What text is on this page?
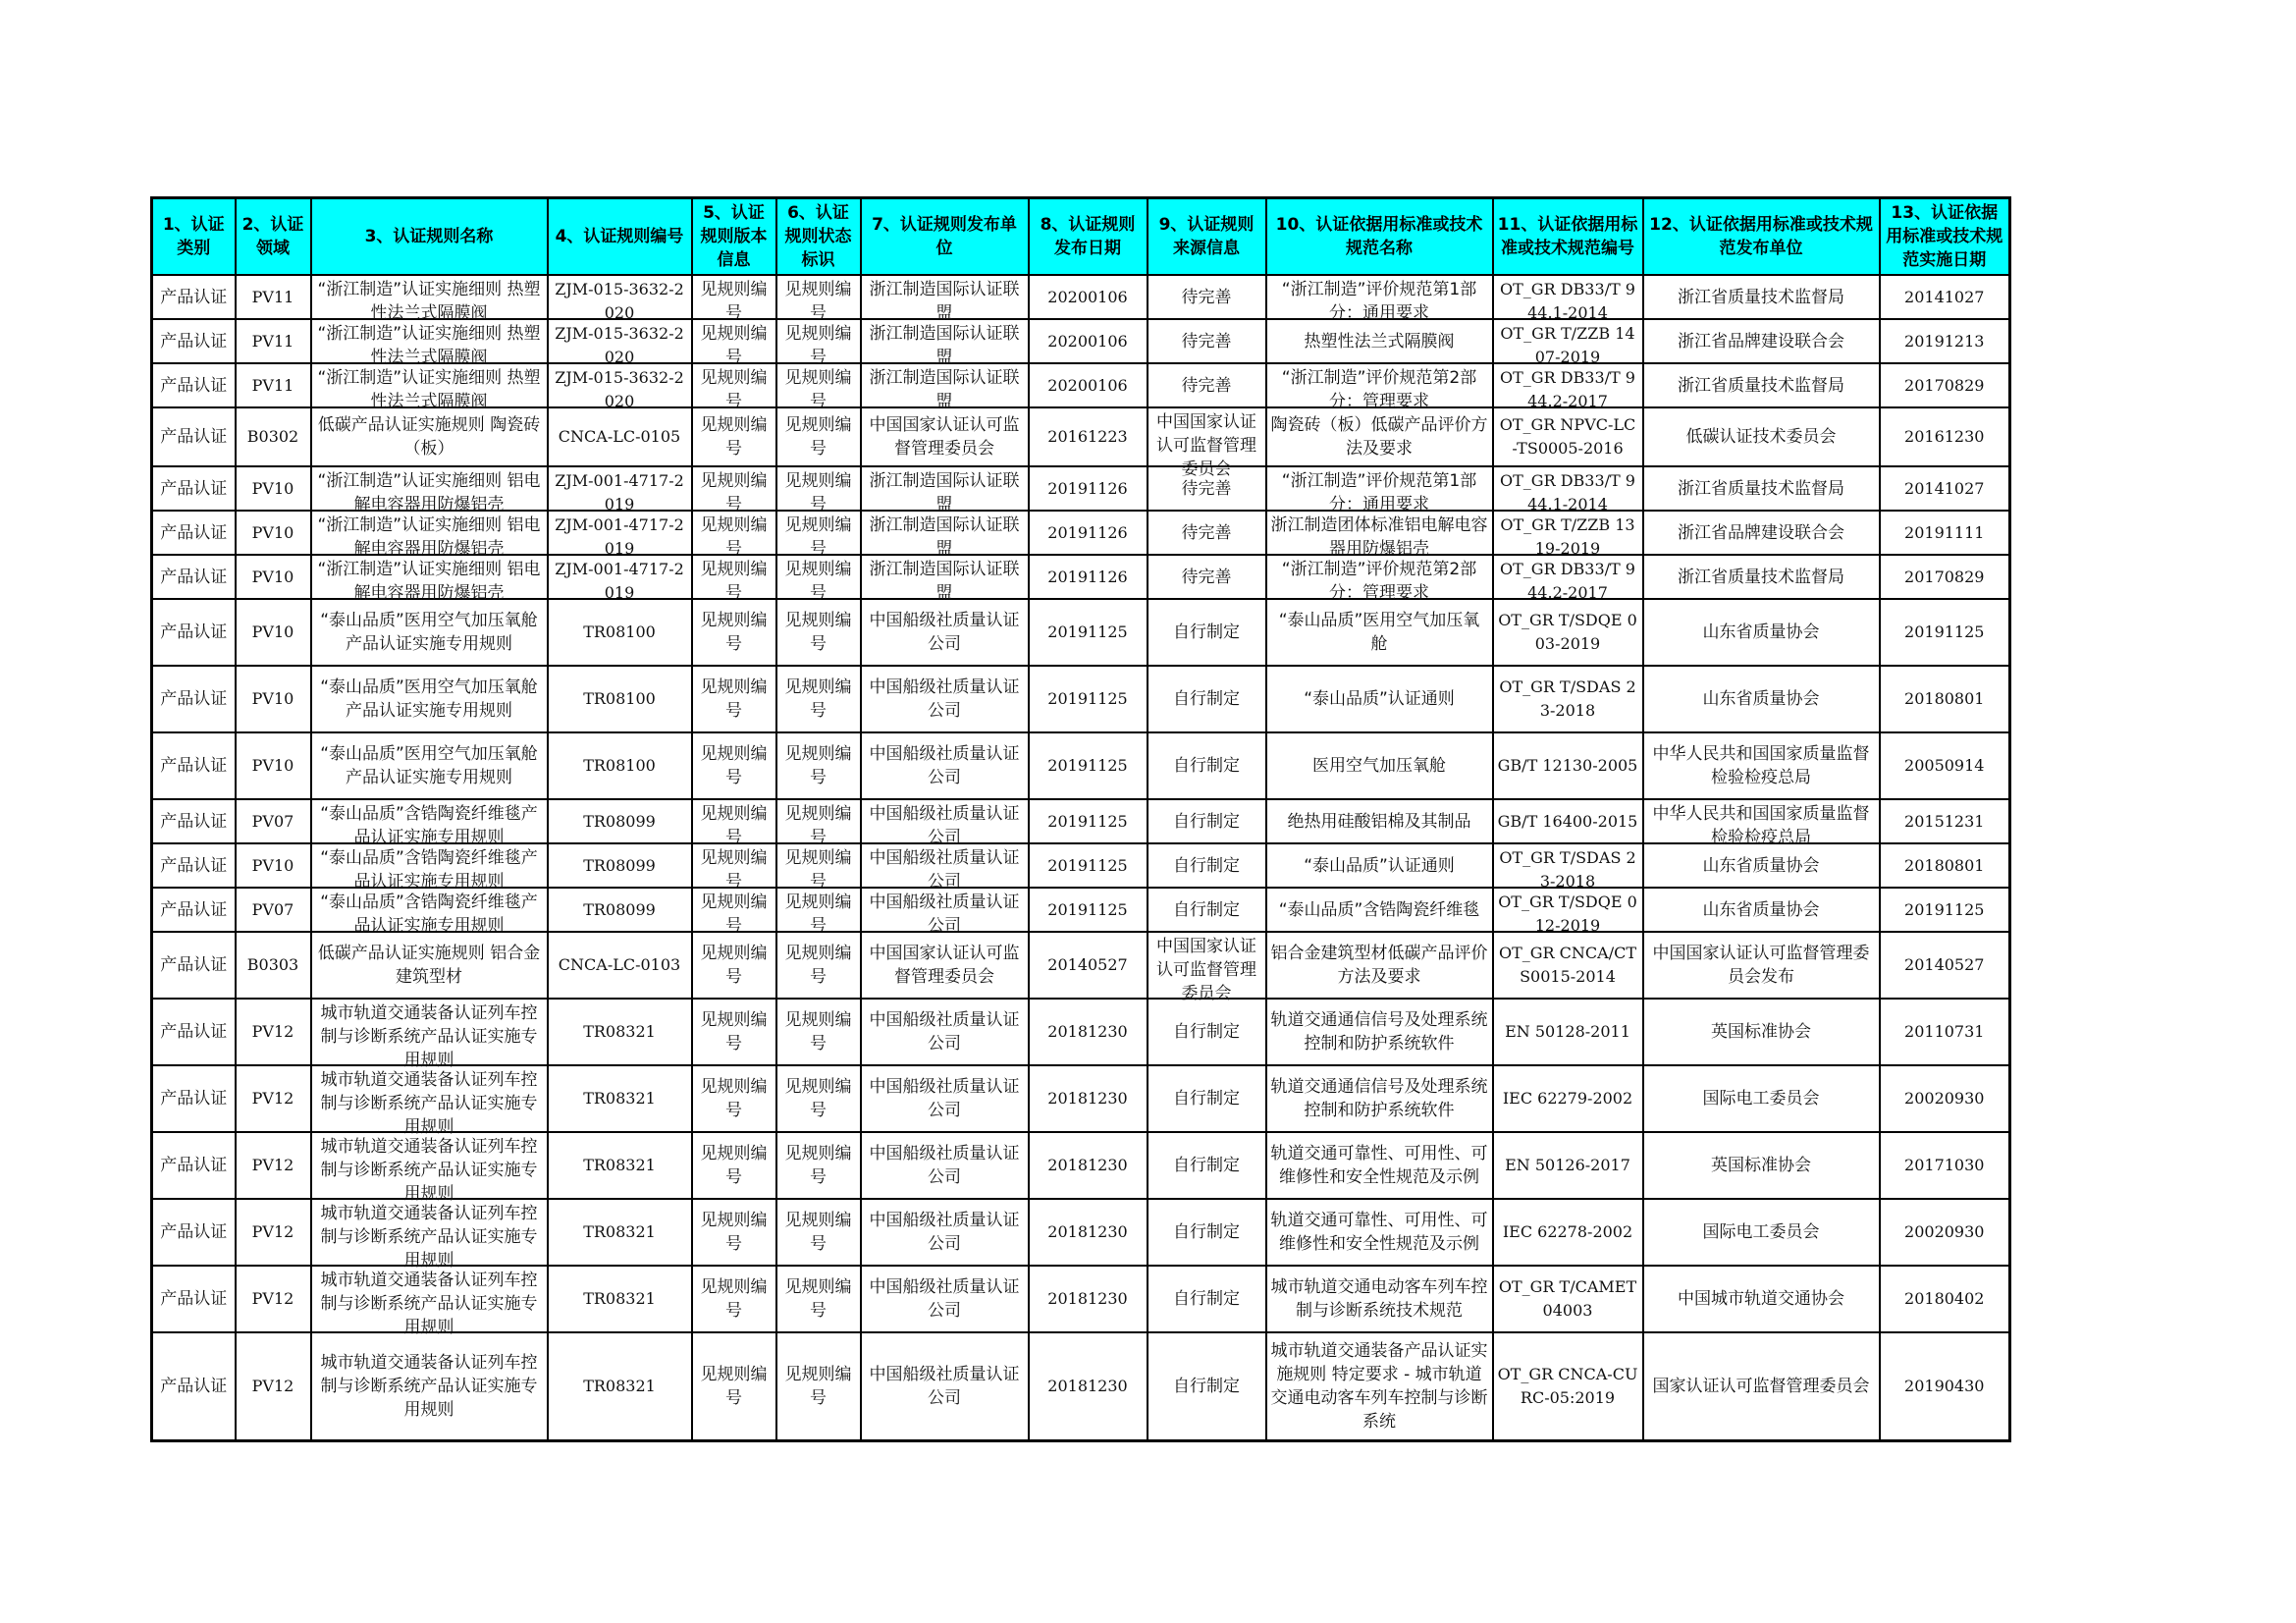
1、认证类别	2、认证领域	3、认证规则名称	4、认证规则编号	5、认证规则版本信息	6、认证规则状态标识	7、认证规则发布单位	8、认证规则发布日期	9、认证规则来源信息	10、认证依据用标准或技术规范名称	11、认证依据用标准或技术规范编号	12、认证依据用标准或技术规范发布单位	13、认证依据用标准或技术规范实施日期

产品认证	PV11	“浙江制造”认证实施细则 热塑性法兰式隔膜阀	ZJM-015-3632-2020	见规则编号	见规则编号	浙江制造国际认证联盟	20200106	待完善	“浙江制造”评价规范第1部分：通用要求	OT_GR DB33/T 944.1-2014	浙江省质量技术监督局	20141027

产品认证	PV11	“浙江制造”认证实施细则 热塑性法兰式隔膜阀	ZJM-015-3632-2020	见规则编号	见规则编号	浙江制造国际认证联盟	20200106	待完善	热塑性法兰式隔膜阀	OT_GR T/ZZB 1407-2019	浙江省品牌建设联合会	20191213

产品认证	PV11	“浙江制造”认证实施细则 热塑性法兰式隔膜阀	ZJM-015-3632-2020	见规则编号	见规则编号	浙江制造国际认证联盟	20200106	待完善	“浙江制造”评价规范第2部分：管理要求	OT_GR DB33/T 944.2-2017	浙江省质量技术监督局	20170829

产品认证	B0302	低碳产品认证实施规则 陶瓷砖（板）	CNCA-LC-0105	见规则编号	见规则编号	中国国家认证认可监督管理委员会	20161223	中国国家认证认可监督管理委员会	陶瓷砖（板）低碳产品评价方法及要求	OT_GR NPVC-LC-TS0005-2016	低碳认证技术委员会	20161230

产品认证	PV10	“浙江制造”认证实施细则 铝电解电容器用防爆铝壳	ZJM-001-4717-2019	见规则编号	见规则编号	浙江制造国际认证联盟	20191126	待完善	“浙江制造”评价规范第1部分：通用要求	OT_GR DB33/T 944.1-2014	浙江省质量技术监督局	20141027

产品认证	PV10	“浙江制造”认证实施细则 铝电解电容器用防爆铝壳	ZJM-001-4717-2019	见规则编号	见规则编号	浙江制造国际认证联盟	20191126	待完善	浙江制造团体标准铝电解电容器用防爆铝壳	OT_GR T/ZZB 1319-2019	浙江省品牌建设联合会	20191111

产品认证	PV10	“浙江制造”认证实施细则 铝电解电容器用防爆铝壳	ZJM-001-4717-2019	见规则编号	见规则编号	浙江制造国际认证联盟	20191126	待完善	“浙江制造”评价规范第2部分：管理要求	OT_GR DB33/T 944.2-2017	浙江省质量技术监督局	20170829

产品认证	PV10	“泰山品质”医用空气加压氧舱产品认证实施专用规则	TR08100	见规则编号	见规则编号	中国船级社质量认证公司	20191125	自行制定	“泰山品质”医用空气加压氧舱	OT_GR T/SDQE 003-2019	山东省质量协会	20191125

产品认证	PV10	“泰山品质”医用空气加压氧舱产品认证实施专用规则	TR08100	见规则编号	见规则编号	中国船级社质量认证公司	20191125	自行制定	“泰山品质”认证通则	OT_GR T/SDAS 23-2018	山东省质量协会	20180801

产品认证	PV10	“泰山品质”医用空气加压氧舱产品认证实施专用规则	TR08100	见规则编号	见规则编号	中国船级社质量认证公司	20191125	自行制定	医用空气加压氧舱	GB/T 12130-2005	中华人民共和国国家质量监督检验检疫总局	20050914

产品认证	PV07	“泰山品质”含锆陶瓷纤维毯产品认证实施专用规则	TR08099	见规则编号	见规则编号	中国船级社质量认证公司	20191125	自行制定	绝热用硅酸铝棉及其制品	GB/T 16400-2015	中华人民共和国国家质量监督检验检疫总局	20151231

产品认证	PV10	“泰山品质”含锆陶瓷纤维毯产品认证实施专用规则	TR08099	见规则编号	见规则编号	中国船级社质量认证公司	20191125	自行制定	“泰山品质”认证通则	OT_GR T/SDAS 23-2018	山东省质量协会	20180801

产品认证	PV07	“泰山品质”含锆陶瓷纤维毯产品认证实施专用规则	TR08099	见规则编号	见规则编号	中国船级社质量认证公司	20191125	自行制定	“泰山品质”含锆陶瓷纤维毯	OT_GR T/SDQE 012-2019	山东省质量协会	20191125

产品认证	B0303	低碳产品认证实施规则 铝合金建筑型材	CNCA-LC-0103	见规则编号	见规则编号	中国国家认证认可监督管理委员会	20140527	中国国家认证认可监督管理委员会	铝合金建筑型材低碳产品评价方法及要求	OT_GR CNCA/CTS0015-2014	中国国家认证认可监督管理委员会发布	20140527

产品认证	PV12	城市轨道交通装备认证列车控制与诊断系统产品认证实施专用规则	TR08321	见规则编号	见规则编号	中国船级社质量认证公司	20181230	自行制定	轨道交通通信信号及处理系统控制和防护系统软件	EN 50128-2011	英国标准协会	20110731

产品认证	PV12	城市轨道交通装备认证列车控制与诊断系统产品认证实施专用规则	TR08321	见规则编号	见规则编号	中国船级社质量认证公司	20181230	自行制定	轨道交通通信信号及处理系统控制和防护系统软件	IEC 62279-2002	国际电工委员会	20020930

产品认证	PV12	城市轨道交通装备认证列车控制与诊断系统产品认证实施专用规则	TR08321	见规则编号	见规则编号	中国船级社质量认证公司	20181230	自行制定	轨道交通可靠性、可用性、可维修性和安全性规范及示例	EN 50126-2017	英国标准协会	20171030

产品认证	PV12	城市轨道交通装备认证列车控制与诊断系统产品认证实施专用规则	TR08321	见规则编号	见规则编号	中国船级社质量认证公司	20181230	自行制定	轨道交通可靠性、可用性、可维修性和安全性规范及示例	IEC 62278-2002	国际电工委员会	20020930

产品认证	PV12	城市轨道交通装备认证列车控制与诊断系统产品认证实施专用规则	TR08321	见规则编号	见规则编号	中国船级社质量认证公司	20181230	自行制定	城市轨道交通电动客车列车控制与诊断系统技术规范	OT_GR T/CAMET 04003	中国城市轨道交通协会	20180402

产品认证	PV12	城市轨道交通装备认证列车控制与诊断系统产品认证实施专用规则	TR08321	见规则编号	见规则编号	中国船级社质量认证公司	20181230	自行制定	城市轨道交通装备产品认证实施规则 特定要求 - 城市轨道交通电动客车列车控制与诊断系统	OT_GR CNCA-CURC-05:2019	国家认证认可监督管理委员会	20190430
